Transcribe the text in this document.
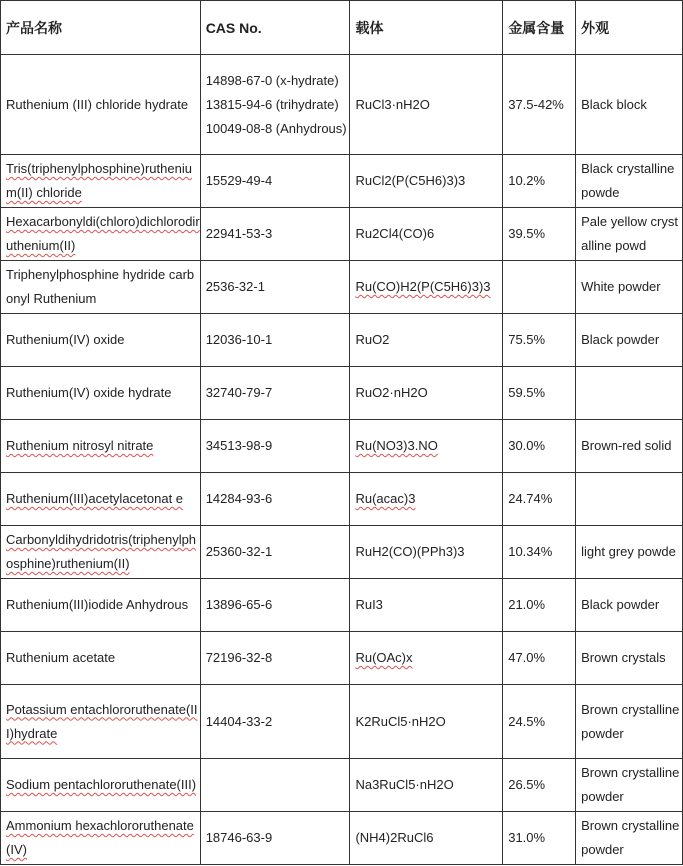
产品名称	CAS No.	载体	金属含量	外观
Ruthenium (III) chloride hydrate	14898-67-0 (x-hydrate) 13815-94-6 (trihydrate) 10049-08-8 (Anhydrous)	RuCl3·nH2O	37.5-42%	Black block
Tris(triphenylphosphine)ruthenium(II) chloride	15529-49-4	RuCl2(P(C5H6)3)3	10.2%	Black crystalline powde
Hexacarbonyldi(chloro)dichlorodiruthenium(II)	22941-53-3	Ru2Cl4(CO)6	39.5%	Pale yellow crystalline powd
Triphenylphosphine hydride carbonyl Ruthenium	2536-32-1	Ru(CO)H2(P(C5H6)3)3		White powder
Ruthenium(IV) oxide	12036-10-1	RuO2	75.5%	Black powder
Ruthenium(IV) oxide hydrate	32740-79-7	RuO2·nH2O	59.5%	
Ruthenium nitrosyl nitrate	34513-98-9	Ru(NO3)3.NO	30.0%	Brown-red solid
Ruthenium(III)acetylacetonat e	14284-93-6	Ru(acac)3	24.74%	
Carbonyldihydridotris(triphenylphosphine)ruthenium(II)	25360-32-1	RuH2(CO)(PPh3)3	10.34%	light grey powde
Ruthenium(III)iodide Anhydrous	13896-65-6	RuI3	21.0%	Black powder
Ruthenium acetate	72196-32-8	Ru(OAc)x	47.0%	Brown crystals
Potassium entachlororuthenate(III)hydrate	14404-33-2	K2RuCl5·nH2O	24.5%	Brown crystalline powder
Sodium pentachlororuthenate(III)		Na3RuCl5·nH2O	26.5%	Brown crystalline powder
Ammonium hexachlororuthenate(IV)	18746-63-9	(NH4)2RuCl6	31.0%	Brown crystalline powder
